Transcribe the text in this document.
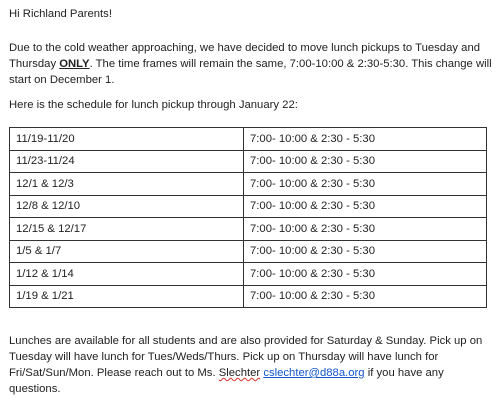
Hi Richland Parents!
Due to the cold weather approaching, we have decided to move lunch pickups to Tuesday and Thursday ONLY. The time frames will remain the same, 7:00-10:00 & 2:30-5:30. This change will start on December 1.
Here is the schedule for lunch pickup through January 22:
11/19-11/20	7:00- 10:00 & 2:30 - 5:30
11/23-11/24	7:00- 10:00 & 2:30 - 5:30
12/1 & 12/3	7:00- 10:00 & 2:30 - 5:30
12/8 & 12/10	7:00- 10:00 & 2:30 - 5:30
12/15 & 12/17	7:00- 10:00 & 2:30 - 5:30
1/5 & 1/7	7:00- 10:00 & 2:30 - 5:30
1/12 & 1/14	7:00- 10:00 & 2:30 - 5:30
1/19 & 1/21	7:00- 10:00 & 2:30 - 5:30
Lunches are available for all students and are also provided for Saturday & Sunday. Pick up on Tuesday will have lunch for Tues/Weds/Thurs. Pick up on Thursday will have lunch for Fri/Sat/Sun/Mon. Please reach out to Ms. Slechter cslechter@d88a.org if you have any questions.
